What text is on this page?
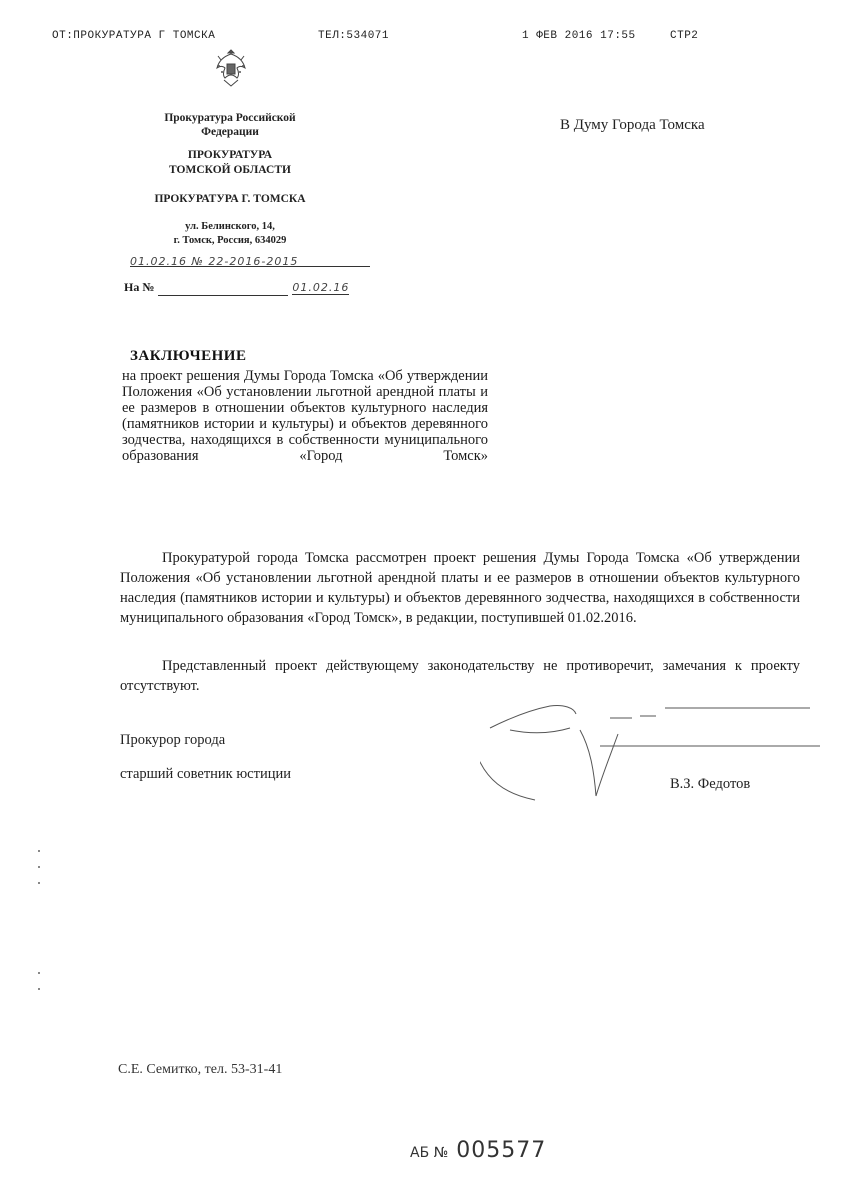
ОТ:ПРОКУРАТУРА Г ТОМСКА	ТЕЛ:534071	1 ФЕВ 2016 17:55	СТР2
Прокуратура Российской
Федерации
ПРОКУРАТУРА
ТОМСКОЙ ОБЛАСТИ
ПРОКУРАТУРА Г. ТОМСКА
ул. Белинского, 14,
г. Томск, Россия, 634029
01.02.16 № 22-2016-2015
На №	01.02.16
В Думу Города Томска
ЗАКЛЮЧЕНИЕ
на проект решения Думы Города Томска «Об утверждении Положения «Об установлении льготной арендной платы и ее размеров в отношении объектов культурного наследия (памятников истории и культуры) и объектов деревянного зодчества, находящихся в собственности муниципального образования «Город Томск»
Прокуратурой города Томска рассмотрен проект решения Думы Города Томска «Об утверждении Положения «Об установлении льготной арендной платы и ее размеров в отношении объектов культурного наследия (памятников истории и культуры) и объектов деревянного зодчества, находящихся в собственности муниципального образования «Город Томск», в редакции, поступившей 01.02.2016.
Представленный проект действующему законодательству не противоречит, замечания к проекту отсутствуют.
Прокурор города
старший советник юстиции
В.З. Федотов
С.Е. Семитко, тел. 53-31-41
АБ № 005577
